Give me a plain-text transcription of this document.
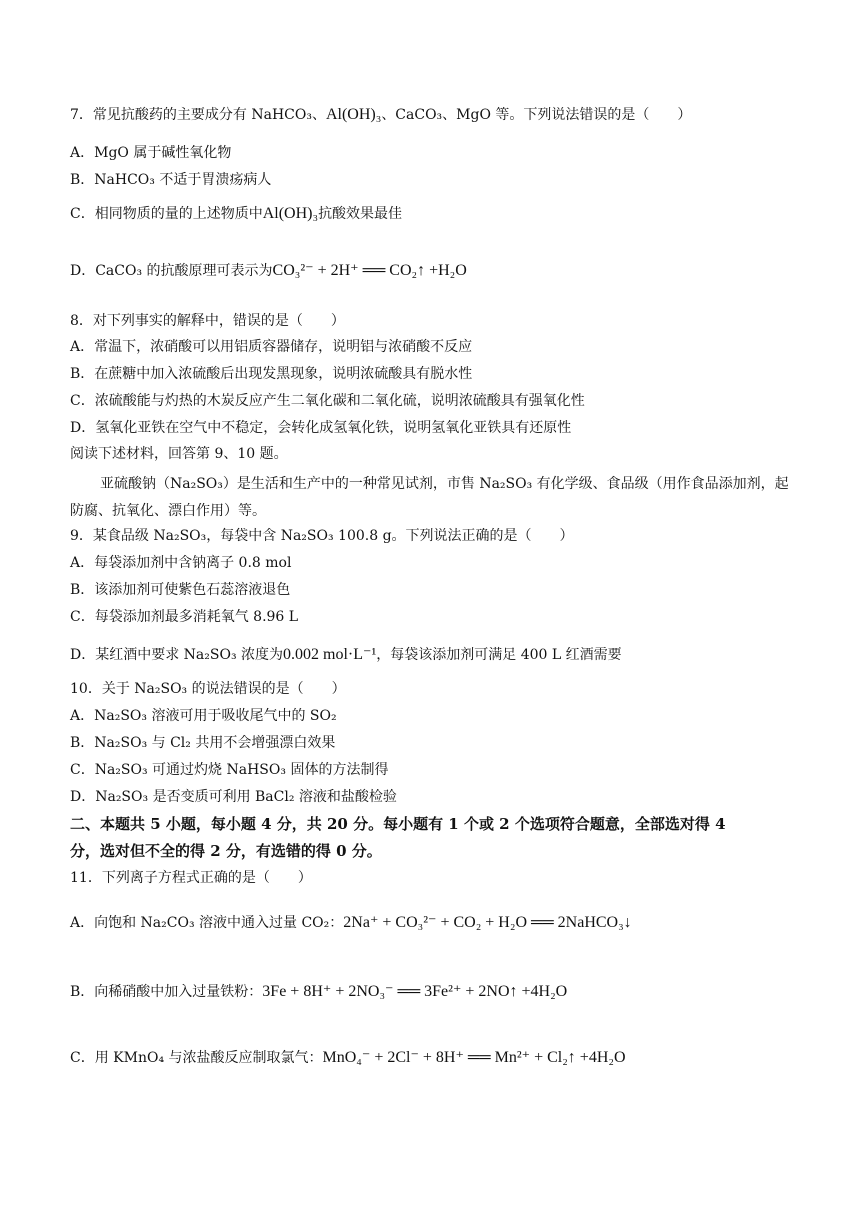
7．常见抗酸药的主要成分有 NaHCO₃、Al(OH)₃、CaCO₃、MgO 等。下列说法错误的是（　　）
A．MgO 属于碱性氧化物
B．NaHCO₃ 不适于胃溃疡病人
C．相同物质的量的上述物质中Al(OH)₃抗酸效果最佳
D．CaCO₃ 的抗酸原理可表示为CO₃²⁻ + 2H⁺ ══ CO₂↑ +H₂O
8．对下列事实的解释中，错误的是（　　）
A．常温下，浓硝酸可以用铝质容器储存，说明铝与浓硝酸不反应
B．在蔗糖中加入浓硫酸后出现发黑现象，说明浓硫酸具有脱水性
C．浓硫酸能与灼热的木炭反应产生二氧化碳和二氧化硫，说明浓硫酸具有强氧化性
D．氢氧化亚铁在空气中不稳定，会转化成氢氧化铁，说明氢氧化亚铁具有还原性
阅读下述材料，回答第 9、10 题。
亚硫酸钠（Na₂SO₃）是生活和生产中的一种常见试剂，市售 Na₂SO₃ 有化学级、食品级（用作食品添加剂，起防腐、抗氧化、漂白作用）等。
9．某食品级 Na₂SO₃，每袋中含 Na₂SO₃ 100.8 g。下列说法正确的是（　　）
A．每袋添加剂中含钠离子 0.8 mol
B．该添加剂可使紫色石蕊溶液退色
C．每袋添加剂最多消耗氧气 8.96 L
D．某红酒中要求 Na₂SO₃ 浓度为0.002 mol·L⁻¹，每袋该添加剂可满足 400 L 红酒需要
10．关于 Na₂SO₃ 的说法错误的是（　　）
A．Na₂SO₃ 溶液可用于吸收尾气中的 SO₂
B．Na₂SO₃ 与 Cl₂ 共用不会增强漂白效果
C．Na₂SO₃ 可通过灼烧 NaHSO₃ 固体的方法制得
D．Na₂SO₃ 是否变质可利用 BaCl₂ 溶液和盐酸检验
二、本题共 5 小题，每小题 4 分，共 20 分。每小题有 1 个或 2 个选项符合题意，全部选对得 4
分，选对但不全的得 2 分，有选错的得 0 分。
11．下列离子方程式正确的是（　　）
A．向饱和 Na₂CO₃ 溶液中通入过量 CO₂：2Na⁺ + CO₃²⁻ + CO₂ + H₂O ══ 2NaHCO₃↓
B．向稀硝酸中加入过量铁粉：3Fe + 8H⁺ + 2NO₃⁻ ══ 3Fe²⁺ + 2NO↑ +4H₂O
C．用 KMnO₄ 与浓盐酸反应制取氯气：MnO₄⁻ + 2Cl⁻ + 8H⁺ ══ Mn²⁺ + Cl₂↑ +4H₂O
